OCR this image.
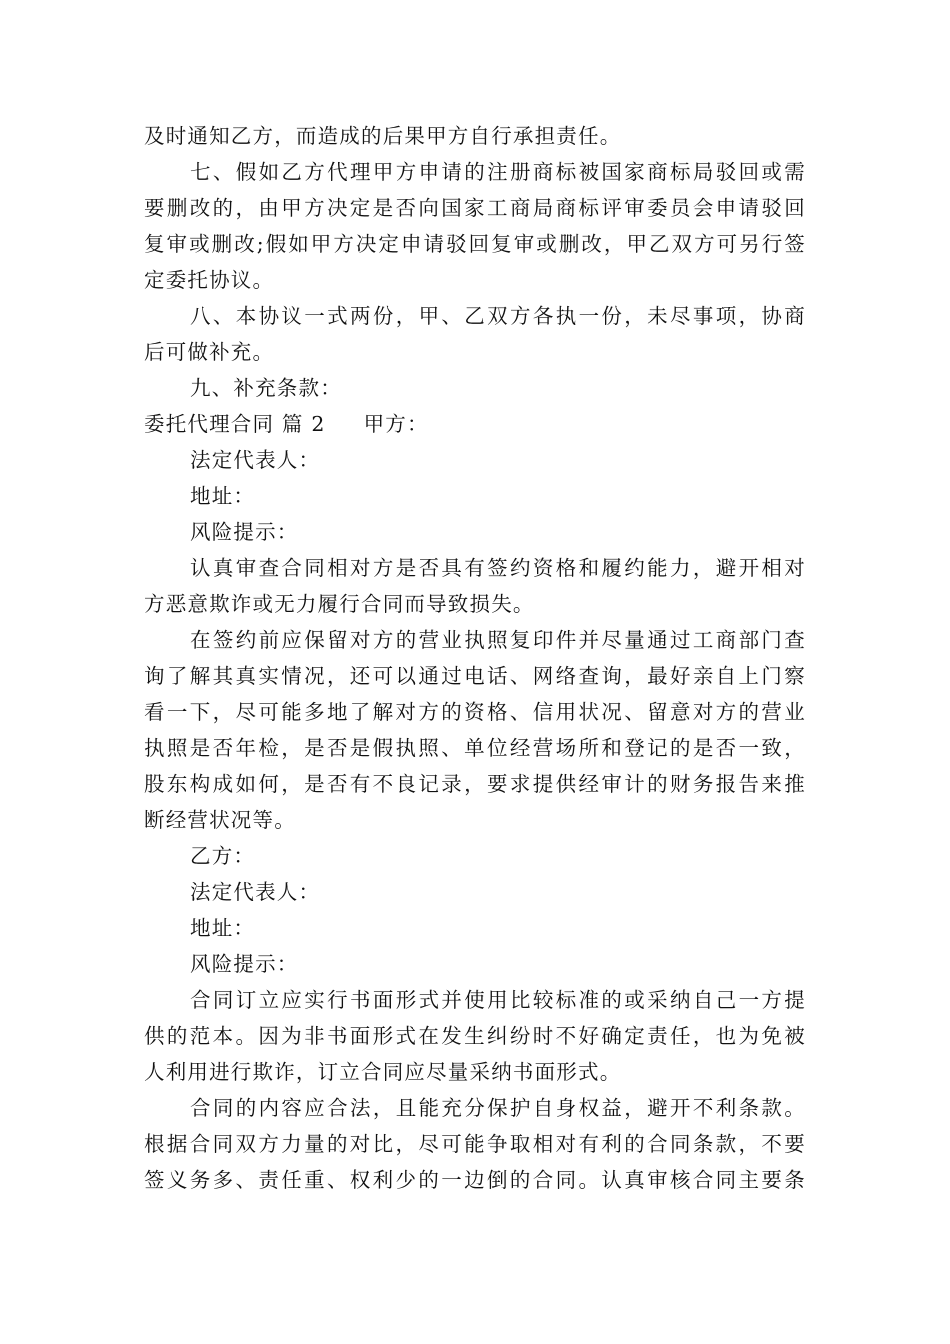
及时通知乙方，而造成的后果甲方自行承担责任。
七、假如乙方代理甲方申请的注册商标被国家商标局驳回或需
要删改的，由甲方决定是否向国家工商局商标评审委员会申请驳回
复审或删改;假如甲方决定申请驳回复审或删改，甲乙双方可另行签
定委托协议。
八、本协议一式两份，甲、乙双方各执一份，未尽事项，协商
后可做补充。
九、补充条款：
委托代理合同 篇 2 甲方：
法定代表人：
地址：
风险提示：
认真审查合同相对方是否具有签约资格和履约能力，避开相对
方恶意欺诈或无力履行合同而导致损失。
在签约前应保留对方的营业执照复印件并尽量通过工商部门查
询了解其真实情况，还可以通过电话、网络查询，最好亲自上门察
看一下，尽可能多地了解对方的资格、信用状况、留意对方的营业
执照是否年检，是否是假执照、单位经营场所和登记的是否一致，
股东构成如何，是否有不良记录，要求提供经审计的财务报告来推
断经营状况等。
乙方：
法定代表人：
地址：
风险提示：
合同订立应实行书面形式并使用比较标准的或采纳自己一方提
供的范本。因为非书面形式在发生纠纷时不好确定责任，也为免被
人利用进行欺诈，订立合同应尽量采纳书面形式。
合同的内容应合法，且能充分保护自身权益，避开不利条款。
根据合同双方力量的对比，尽可能争取相对有利的合同条款，不要
签义务多、责任重、权利少的一边倒的合同。认真审核合同主要条
